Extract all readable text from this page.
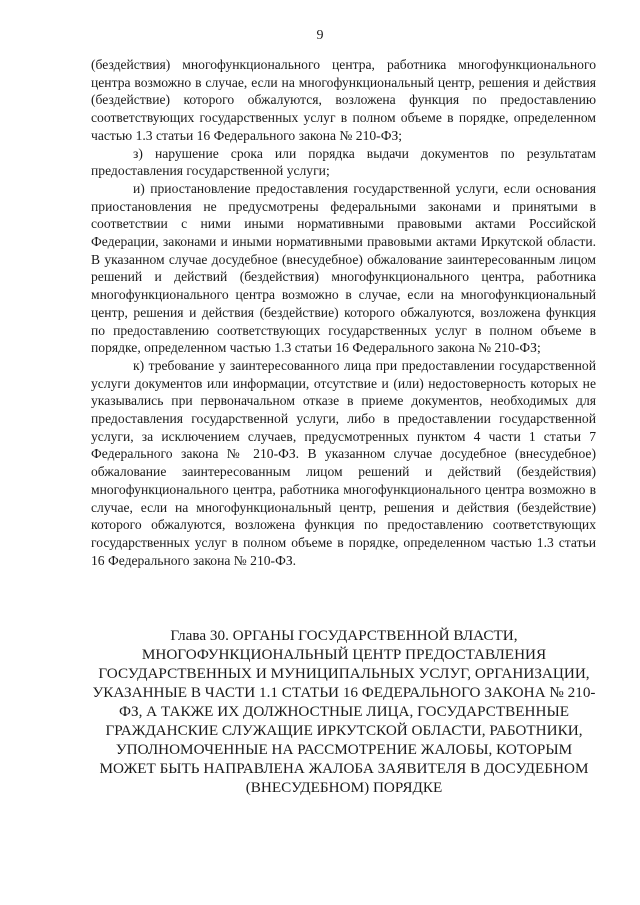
9

(бездействия) многофункционального центра, работника многофункционального центра возможно в случае, если на многофункциональный центр, решения и действия (бездействие) которого обжалуются, возложена функция по предоставлению соответствующих государственных услуг в полном объеме в порядке, определенном частью 1.3 статьи 16 Федерального закона № 210-ФЗ;

з) нарушение срока или порядка выдачи документов по результатам предоставления государственной услуги;

и) приостановление предоставления государственной услуги, если основания приостановления не предусмотрены федеральными законами и принятыми в соответствии с ними иными нормативными правовыми актами Российской Федерации, законами и иными нормативными правовыми актами Иркутской области. В указанном случае досудебное (внесудебное) обжалование заинтересованным лицом решений и действий (бездействия) многофункционального центра, работника многофункционального центра возможно в случае, если на многофункциональный центр, решения и действия (бездействие) которого обжалуются, возложена функция по предоставлению соответствующих государственных услуг в полном объеме в порядке, определенном частью 1.3 статьи 16 Федерального закона № 210-ФЗ;

к) требование у заинтересованного лица при предоставлении государственной услуги документов или информации, отсутствие и (или) недостоверность которых не указывались при первоначальном отказе в приеме документов, необходимых для предоставления государственной услуги, либо в предоставлении государственной услуги, за исключением случаев, предусмотренных пунктом 4 части 1 статьи 7 Федерального закона № 210-ФЗ. В указанном случае досудебное (внесудебное) обжалование заинтересованным лицом решений и действий (бездействия) многофункционального центра, работника многофункционального центра возможно в случае, если на многофункциональный центр, решения и действия (бездействие) которого обжалуются, возложена функция по предоставлению соответствующих государственных услуг в полном объеме в порядке, определенном частью 1.3 статьи 16 Федерального закона № 210-ФЗ.

Глава 30. ОРГАНЫ ГОСУДАРСТВЕННОЙ ВЛАСТИ, МНОГОФУНКЦИОНАЛЬНЫЙ ЦЕНТР ПРЕДОСТАВЛЕНИЯ ГОСУДАРСТВЕННЫХ И МУНИЦИПАЛЬНЫХ УСЛУГ, ОРГАНИЗАЦИИ, УКАЗАННЫЕ В ЧАСТИ 1.1 СТАТЬИ 16 ФЕДЕРАЛЬНОГО ЗАКОНА № 210-ФЗ, А ТАКЖЕ ИХ ДОЛЖНОСТНЫЕ ЛИЦА, ГОСУДАРСТВЕННЫЕ ГРАЖДАНСКИЕ СЛУЖАЩИЕ ИРКУТСКОЙ ОБЛАСТИ, РАБОТНИКИ, УПОЛНОМОЧЕННЫЕ НА РАССМОТРЕНИЕ ЖАЛОБЫ, КОТОРЫМ МОЖЕТ БЫТЬ НАПРАВЛЕНА ЖАЛОБА ЗАЯВИТЕЛЯ В ДОСУДЕБНОМ (ВНЕСУДЕБНОМ) ПОРЯДКЕ
